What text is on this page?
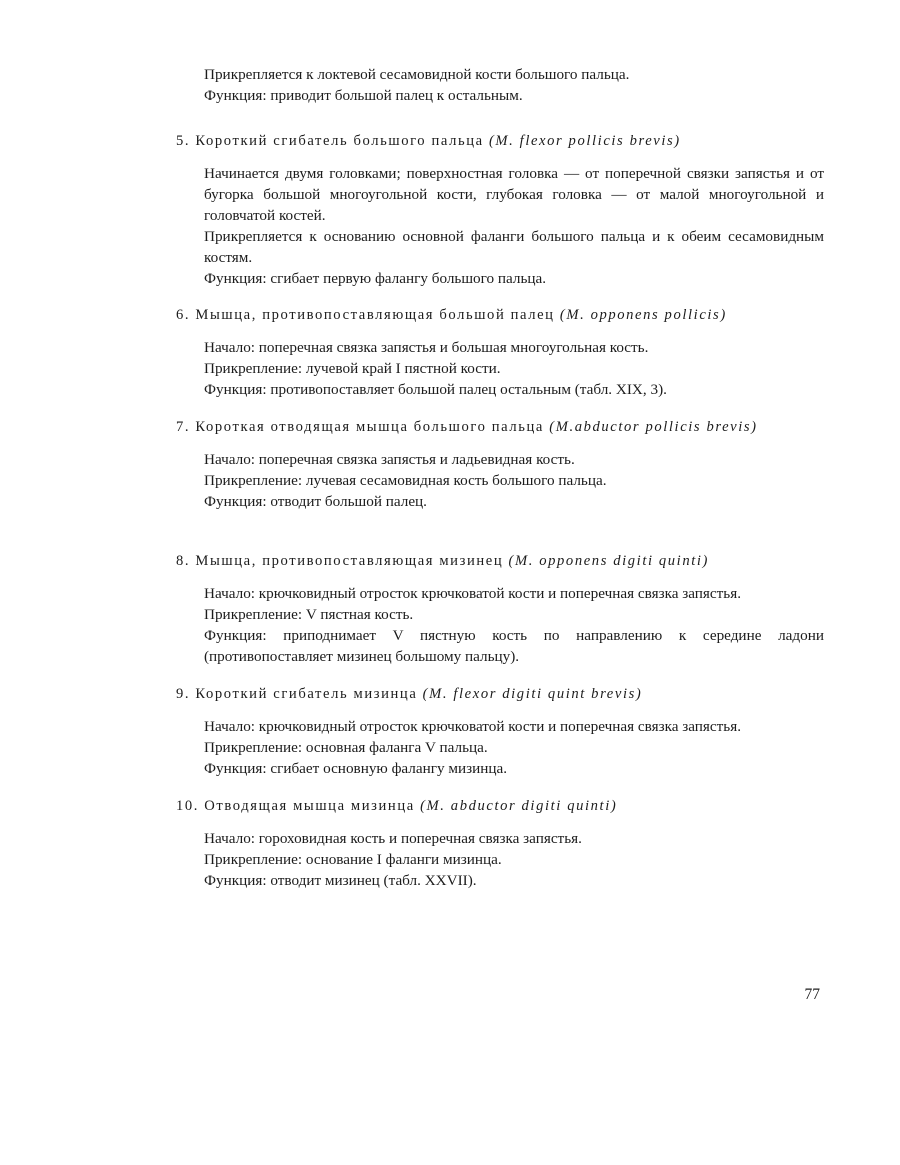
Прикрепляется к локтевой сесамовидной кости большого пальца.

Функция: приводит большой палец к остальным.

5. Короткий сгибатель большого пальца (M. flexor pollicis brevis)

Начинается двумя головками; поверхностная головка — от поперечной связки запястья и от бугорка большой многоугольной кости, глубокая головка — от малой многоугольной и головчатой костей.

Прикрепляется к основанию основной фаланги большого пальца и к обеим сесамовидным костям.

Функция: сгибает первую фалангу большого пальца.

6. Мышца, противопоставляющая большой палец (M. opponens pollicis)

Начало: поперечная связка запястья и большая многоугольная кость.

Прикрепление: лучевой край I пястной кости.

Функция: противопоставляет большой палец остальным (табл. XIX, 3).

7. Короткая отводящая мышца большого пальца (M.abductor pollicis brevis)

Начало: поперечная связка запястья и ладьевидная кость.

Прикрепление: лучевая сесамовидная кость большого пальца.

Функция: отводит большой палец.

8. Мышца, противопоставляющая мизинец (M. opponens digiti quinti)

Начало: крючковидный отросток крючковатой кости и поперечная связка запястья.

Прикрепление: V пястная кость.

Функция: приподнимает V пястную кость по направлению к середине ладони (противопоставляет мизинец большому пальцу).

9. Короткий сгибатель мизинца (M. flexor digiti quint brevis)

Начало: крючковидный отросток крючковатой кости и поперечная связка запястья.

Прикрепление: основная фаланга V пальца.

Функция: сгибает основную фалангу мизинца.

10. Отводящая мышца мизинца (M. abductor digiti quinti)

Начало: гороховидная кость и поперечная связка запястья.

Прикрепление: основание I фаланги мизинца.

Функция: отводит мизинец (табл. XXVII).

77
